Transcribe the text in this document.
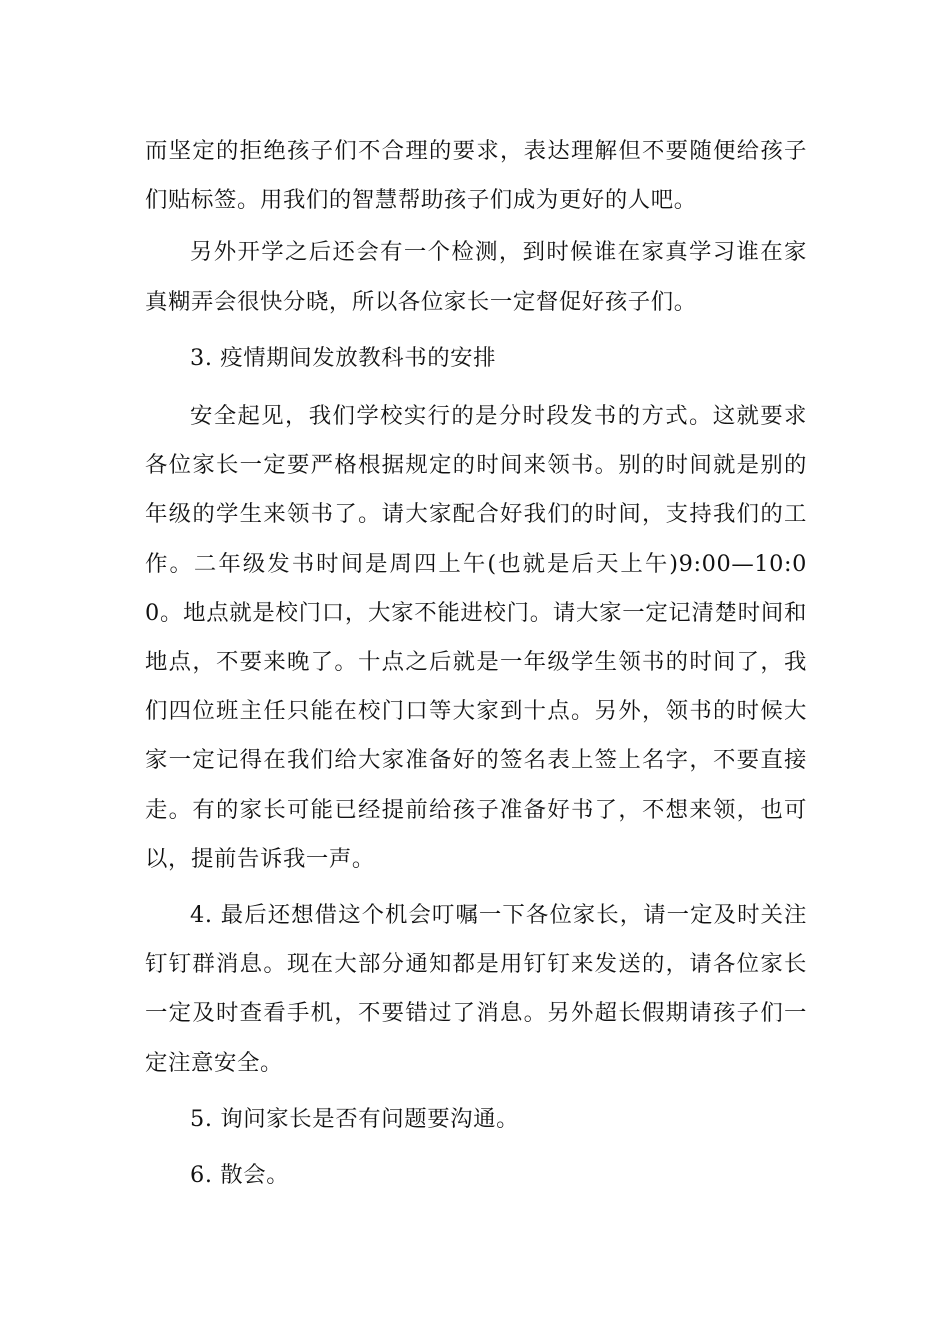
而坚定的拒绝孩子们不合理的要求，表达理解但不要随便给孩子们贴标签。用我们的智慧帮助孩子们成为更好的人吧。

另外开学之后还会有一个检测，到时候谁在家真学习谁在家真糊弄会很快分晓，所以各位家长一定督促好孩子们。

3. 疫情期间发放教科书的安排

安全起见，我们学校实行的是分时段发书的方式。这就要求各位家长一定要严格根据规定的时间来领书。别的时间就是别的年级的学生来领书了。请大家配合好我们的时间，支持我们的工作。二年级发书时间是周四上午(也就是后天上午)9:00—10:00。地点就是校门口，大家不能进校门。请大家一定记清楚时间和地点，不要来晚了。十点之后就是一年级学生领书的时间了，我们四位班主任只能在校门口等大家到十点。另外，领书的时候大家一定记得在我们给大家准备好的签名表上签上名字，不要直接走。有的家长可能已经提前给孩子准备好书了，不想来领，也可以，提前告诉我一声。

4. 最后还想借这个机会叮嘱一下各位家长，请一定及时关注钉钉群消息。现在大部分通知都是用钉钉来发送的，请各位家长一定及时查看手机，不要错过了消息。另外超长假期请孩子们一定注意安全。

5. 询问家长是否有问题要沟通。

6. 散会。
